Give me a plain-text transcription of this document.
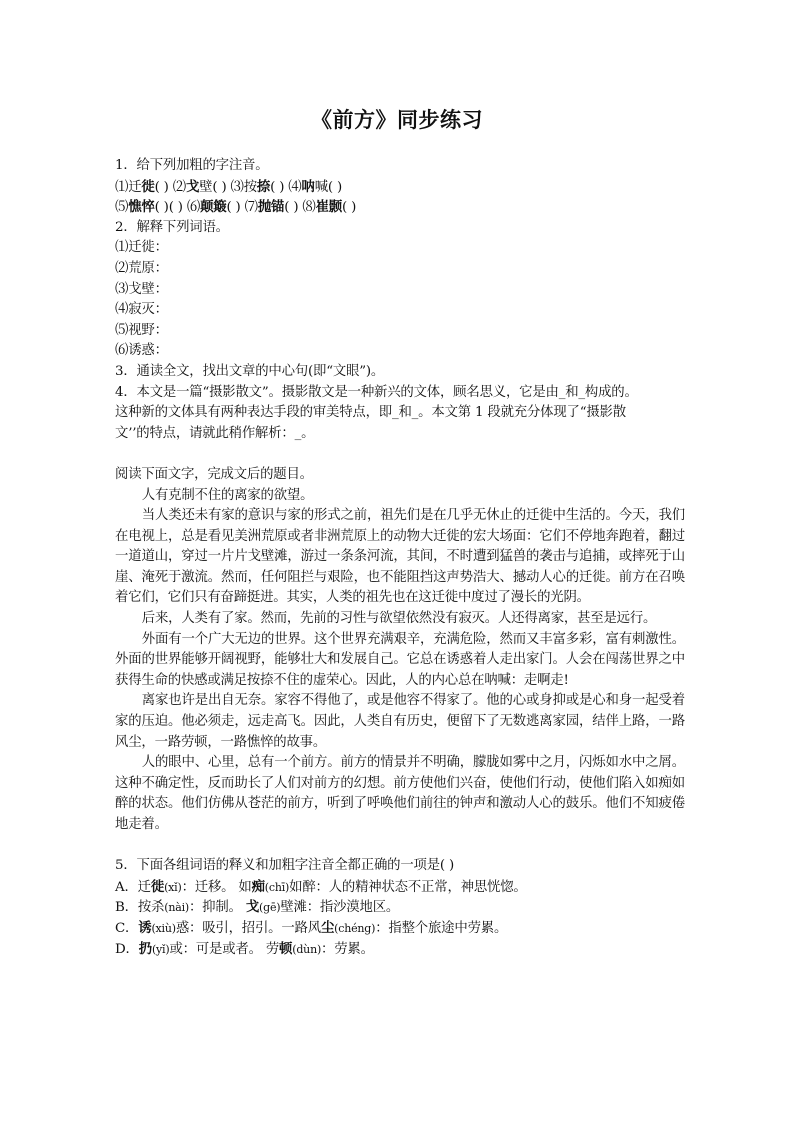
《前方》同步练习
1．给下列加粗的字注音。
⑴迁徙( ) ⑵戈壁( ) ⑶按捺( ) ⑷呐喊( )
⑸憔悴( )( ) ⑹颠簸( ) ⑺抛锚( ) ⑻崔颢( )
2．解释下列词语。
⑴迁徙：
⑵荒原：
⑶戈壁：
⑷寂灭：
⑸视野：
⑹诱惑：
3．通读全文，找出文章的中心句(即“文眼”)。
4．本文是一篇“摄影散文”。摄影散文是一种新兴的文体，顾名思义，它是由_和_构成的。
这种新的文体具有两种表达手段的审美特点，即_和_。本文第 1 段就充分体现了“摄影散
文’’的特点，请就此稍作解析：_。
阅读下面文字，完成文后的题目。
人有克制不住的离家的欲望。
当人类还未有家的意识与家的形式之前，祖先们是在几乎无休止的迁徙中生活的。今天，我们在电视上，总是看见美洲荒原或者非洲荒原上的动物大迁徙的宏大场面：它们不停地奔跑着，翻过一道道山，穿过一片片戈壁滩，游过一条条河流，其间，不时遭到猛兽的袭击与追捕，或摔死于山崖、淹死于激流。然而，任何阻拦与艰险，也不能阻挡这声势浩大、撼动人心的迁徙。前方在召唤着它们，它们只有奋蹄挺进。其实，人类的祖先也在这迁徙中度过了漫长的光阴。
后来，人类有了家。然而，先前的习性与欲望依然没有寂灭。人还得离家，甚至是远行。
外面有一个广大无边的世界。这个世界充满艰辛，充满危险，然而又丰富多彩，富有刺激性。外面的世界能够开阔视野，能够壮大和发展自己。它总在诱惑着人走出家门。人会在闯荡世界之中获得生命的快感或满足按捺不住的虚荣心。因此，人的内心总在呐喊：走啊走!
离家也许是出自无奈。家容不得他了，或是他容不得家了。他的心或身抑或是心和身一起受着家的压迫。他必须走，远走高飞。因此，人类自有历史，便留下了无数逃离家园，结伴上路，一路风尘，一路劳顿，一路憔悴的故事。
人的眼中、心里，总有一个前方。前方的情景并不明确，朦胧如雾中之月，闪烁如水中之屑。这种不确定性，反而助长了人们对前方的幻想。前方使他们兴奋，使他们行动，使他们陷入如痴如醉的状态。他们仿佛从苍茫的前方，听到了呼唤他们前往的钟声和激动人心的鼓乐。他们不知疲倦地走着。
5．下面各组词语的释义和加粗字注音全都正确的一项是( )
A．迁徙(xǐ)：迁移。 如痴(chī)如醉：人的精神状态不正常，神思恍惚。
B．按杀(nài)：抑制。 戈(gē)壁滩：指沙漠地区。
C．诱(xiù)惑：吸引，招引。一路风尘(chéng)：指整个旅途中劳累。
D．扔(yǐ)或：可是或者。 劳顿(dùn)：劳累。
